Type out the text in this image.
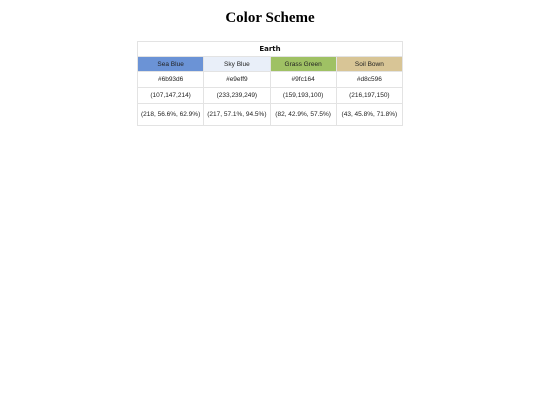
Color Scheme
Earth			
Sea Blue	Sky Blue	Grass Green	Soil Bown
#6b93d6	#e9eff9	#9fc164	#d8c596
(107,147,214)	(233,239,249)	(159,193,100)	(216,197,150)
(218, 56.6%, 62.9%)	(217, 57.1%, 94.5%)	(82, 42.9%, 57.5%)	(43, 45.8%, 71.8%)
